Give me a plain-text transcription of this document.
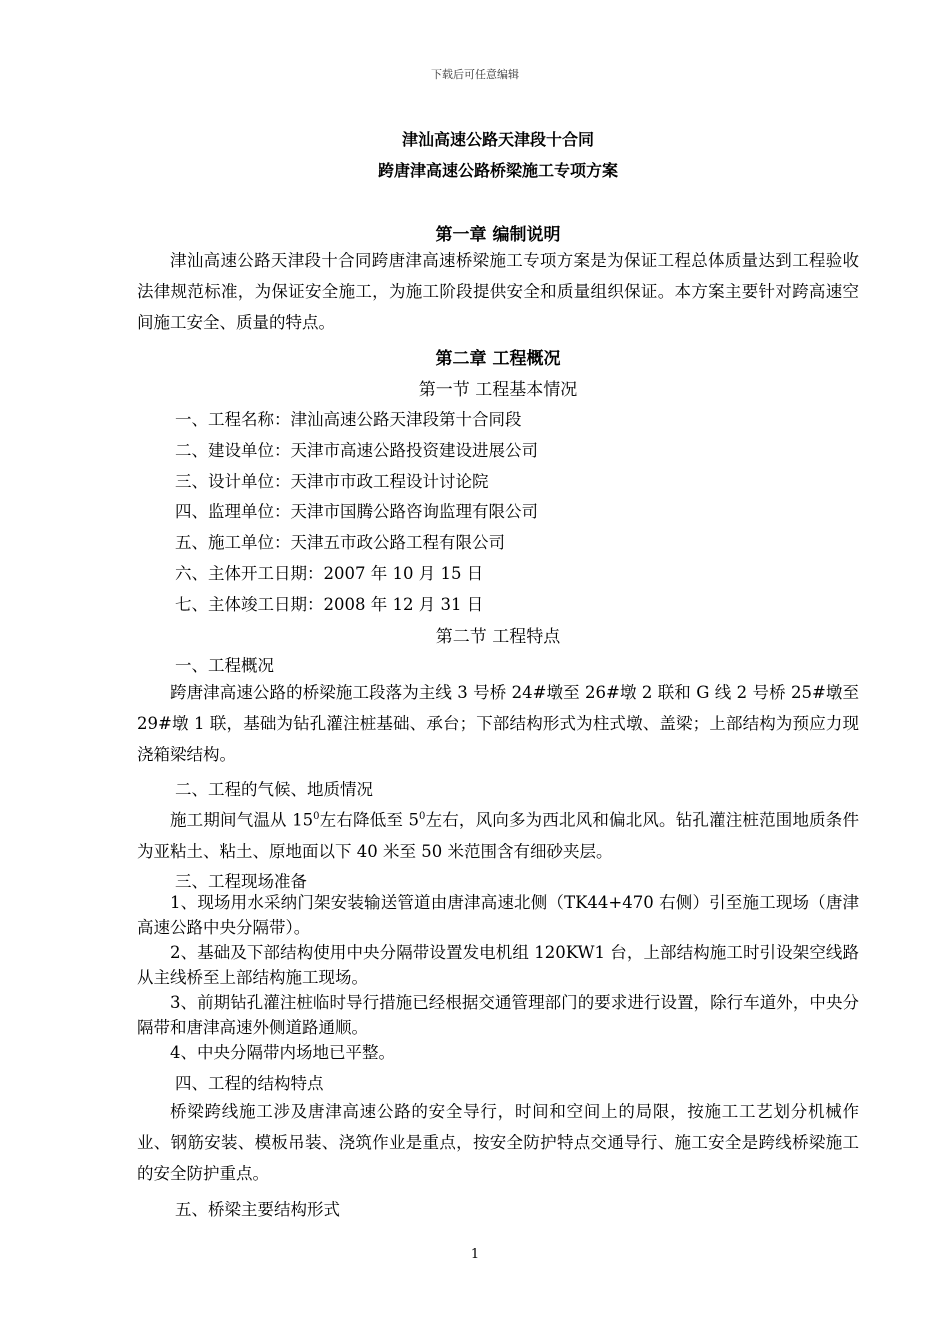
下载后可任意编辑
津汕高速公路天津段十合同
跨唐津高速公路桥梁施工专项方案
第一章 编制说明
津汕高速公路天津段十合同跨唐津高速桥梁施工专项方案是为保证工程总体质量达到工程验收法律规范标准，为保证安全施工，为施工阶段提供安全和质量组织保证。本方案主要针对跨高速空间施工安全、质量的特点。
第二章 工程概况
第一节 工程基本情况
一、工程名称：津汕高速公路天津段第十合同段
二、建设单位：天津市高速公路投资建设进展公司
三、设计单位：天津市市政工程设计讨论院
四、监理单位：天津市国腾公路咨询监理有限公司
五、施工单位：天津五市政公路工程有限公司
六、主体开工日期：2007 年 10 月 15 日
七、主体竣工日期：2008 年 12 月 31 日
第二节 工程特点
一、工程概况
跨唐津高速公路的桥梁施工段落为主线 3 号桥 24#墩至 26#墩 2 联和 G 线 2 号桥 25#墩至 29#墩 1 联，基础为钻孔灌注桩基础、承台；下部结构形式为柱式墩、盖梁；上部结构为预应力现浇箱梁结构。
二、工程的气候、地质情况
施工期间气温从 $15^0$左右降低至 $5^0$左右，风向多为西北风和偏北风。钻孔灌注桩范围地质条件为亚粘土、粘土、原地面以下 40 米至 50 米范围含有细砂夹层。
三、工程现场准备
1、现场用水采纳门架安装输送管道由唐津高速北侧（TK44+470 右侧）引至施工现场（唐津高速公路中央分隔带）。
2、基础及下部结构使用中央分隔带设置发电机组 120KW1 台，上部结构施工时引设架空线路从主线桥至上部结构施工现场。
3、前期钻孔灌注桩临时导行措施已经根据交通管理部门的要求进行设置，除行车道外，中央分隔带和唐津高速外侧道路通顺。
4、中央分隔带内场地已平整。
四、工程的结构特点
桥梁跨线施工涉及唐津高速公路的安全导行，时间和空间上的局限，按施工工艺划分机械作业、钢筋安装、模板吊装、浇筑作业是重点，按安全防护特点交通导行、施工安全是跨线桥梁施工的安全防护重点。
五、桥梁主要结构形式
1
